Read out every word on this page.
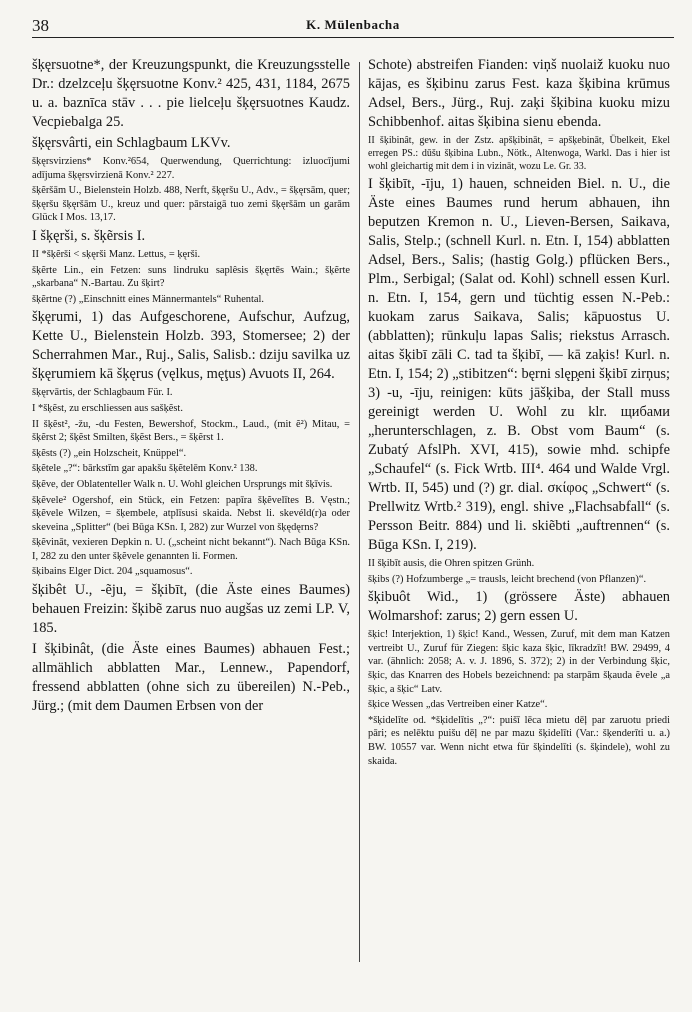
38	K. Mülenbacha

šķęrsuotne*, der Kreuzungspunkt, die Kreuzungsstelle Dr.: dzelzceļu šķęrsuotne Konv.² 425, 431, 1184, 2675 u. a. baznīca stāv . . . pie lielceļu šķęrsuotnes Kaudz. Vecpiebalga 25.

šķęrsvârti, ein Schlagbaum LKVv.

šķęrsvirziens* Konv.²654, Querwendung, Querrichtung: izluocījumi adījuma šķęrsvirzienā Konv.² 227.

šķẽršām U., Bielenstein Holzb. 488, Nerft, šķęršu U., Adv., = šķęrsām, quer; šķęršu šķęršām U., kreuz und quer: pārstaigā tuo zemi šķęršām un garām Glück I Mos. 13,17.

I šķęrši, s. šķẽrsis I.

II *šķẽrši < sķęrši Manz. Lettus, = ķęrši.

šķẽrte Lin., ein Fetzen: suns lindruku saplêsis šķęrtēs Wain.; šķẽrte „skarbana“ N.-Bartau. Zu šķirt?

šķẽrtne (?) „Einschnitt eines Männermantels“ Ruhental.

šķęrumi, 1) das Aufgeschorene, Aufschur, Aufzug, Kette U., Bielenstein Holzb. 393, Stomersee; 2) der Scherrahmen Mar., Ruj., Salis, Salisb.: dziju savilka uz šķęrumiem kā šķęrus (vęlkus, męţus) Avuots II, 264.

šķęrvārtis, der Schlagbaum Für. I.

I *šķẽst, zu erschliessen aus sašķẽst.

II šķẽst², -žu, -du Festen, Bewershof, Stockm., Laud., (mit ẽ²) Mitau, = šķẽrst 2; šķẽst Smilten, šķẽst Bers., = šķẽrst 1.

šķẽsts (?) „ein Holzscheit, Knüppel“.

šķẽtele „?“: bārkstīm gar apakšu šķẽtelēm Konv.² 138.

šķẽve, der Oblatenteller Walk n. U. Wohl gleichen Ursprungs mit šķīvis.

šķẽvele² Ogershof, ein Stück, ein Fetzen: papīra šķẽvelītes B. Vęstn.; šķẽvele Wilzen, = šķembele, atplīsusi skaida. Nebst li. skevéld(r)a oder skeveina „Splitter“ (bei Būga KSn. I, 282) zur Wurzel von šķędęrns?

šķẽvināt, vexieren Depkin n. U. („scheint nicht bekannt“). Nach Būga KSn. I, 282 zu den unter šķẽvele genannten li. Formen.

šķibains Elger Dict. 204 „squamosus“.

šķibêt U., -ẽju, = šķibīt, (die Äste eines Baumes) behauen Freizin: šķibẽ zarus nuo augšas uz zemi LP. V, 185.

I šķibinât, (die Äste eines Baumes) abhauen Fest.; allmählich abblatten Mar., Lennew., Papendorf, fressend abblatten (ohne sich zu übereilen) N.-Peb., Jürg.; (mit dem Daumen Erbsen von der

Schote) abstreifen Fianden: viņš nuolaiž kuoku nuo kājas, es šķibinu zarus Fest. kaza šķibina krūmus Adsel, Bers., Jürg., Ruj. zaķi šķibina kuoku mizu Schibbenhof. aitas šķibina sienu ebenda.

II šķibinât, gew. in der Zstz. apšķibināt, = apšķebināt, Übelkeit, Ekel erregen PS.: dūšu šķibina Lubn., Nötk., Altenwoga, Warkl. Das i hier ist wohl gleichartig mit dem i in vizināt, wozu Le. Gr. 33.

I šķibīt, -īju, 1) hauen, schneiden Biel. n. U., die Äste eines Baumes rund herum abhauen, ihn beputzen Kremon n. U., Lieven-Bersen, Saikava, Salis, Stelp.; (schnell Kurl. n. Etn. I, 154) abblatten Adsel, Bers., Salis; (hastig Golg.) pflücken Bers., Plm., Serbigal; (Salat od. Kohl) schnell essen Kurl. n. Etn. I, 154, gern und tüchtig essen N.-Peb.: kuokam zarus Saikava, Salis; kāpuostus U. (abblatten); rūnkuļu lapas Salis; riekstus Arrasch. aitas šķibī zāli C. tad ta šķibī, — kā zaķis! Kurl. n. Etn. I, 154; 2) „stibitzen“: bęrni slęp̧eni šķibī zirņus; 3) -u, -īju, reinigen: kūts jāšķiba, der Stall muss gereinigt werden U. Wohl zu klr. щибами „herunterschlagen, z. B. Obst vom Baum“ (s. Zubatý AfslPh. XVI, 415), sowie mhd. schipfe „Schaufel“ (s. Fick Wrtb. III⁴. 464 und Walde Vrgl. Wrtb. II, 545) und (?) gr. dial. σκίφος „Schwert“ (s. Prellwitz Wrtb.² 319), engl. shive „Flachsabfall“ (s. Persson Beitr. 884) und li. skiẽbti „auftrennen“ (s. Būga KSn. I, 219).

II šķibīt ausis, die Ohren spitzen Grünh.

šķibs (?) Hofzumberge „= trausls, leicht brechend (von Pflanzen)“.

šķibuôt Wid., 1) (grössere Äste) abhauen Wolmarshof: zarus; 2) gern essen U.

šķic! Interjektion, 1) šķic! Kand., Wessen, Zuruf, mit dem man Katzen vertreibt U., Zuruf für Ziegen: šķic kaza šķic, līkradzīt! BW. 29499, 4 var. (ähnlich: 2058; A. v. J. 1896, S. 372); 2) in der Verbindung šķic, šķic, das Knarren des Hobels bezeichnend: pa starpām šķauda ẽvele „a šķic, a šķic“ Latv.

šķice Wessen „das Vertreiben einer Katze“.

*šķidelīte od. *šķidelītis „?“: puišī lēca mietu dēļ par zaruotu priedi pāri; es nelēktu puišu dēļ ne par mazu šķidelīti (Var.: šķenderīti u. a.) BW. 10557 var. Wenn nicht etwa für šķindelīti (s. šķindele), wohl zu skaida.
